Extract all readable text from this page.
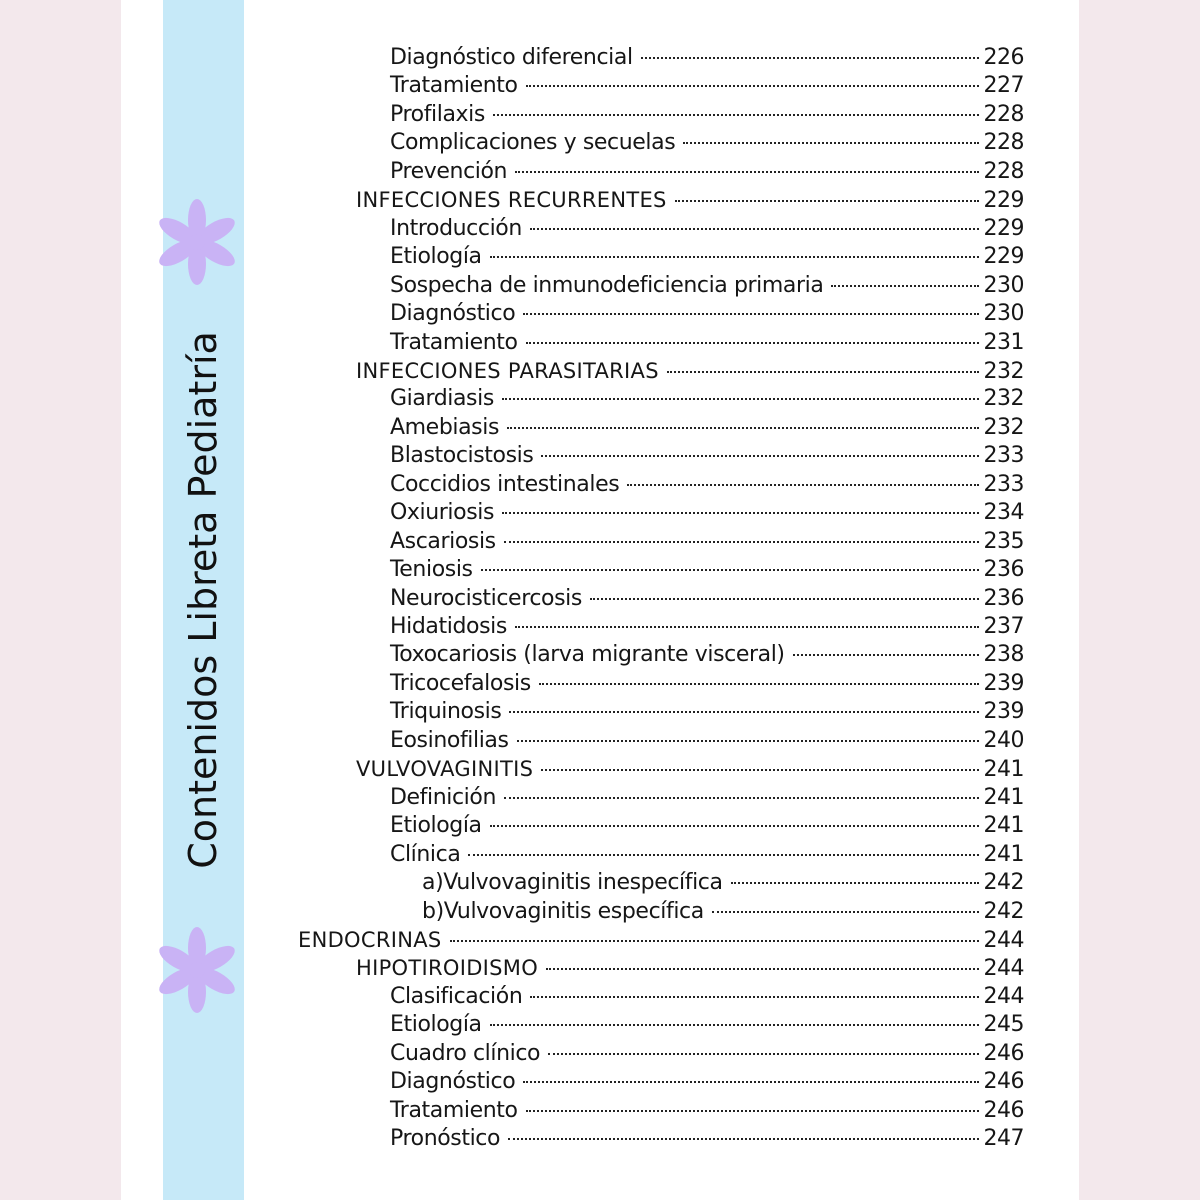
Contenidos Libreta Pediatría
Diagnóstico diferencial	226
Tratamiento	227
Profilaxis	228
Complicaciones y secuelas	228
Prevención	228
INFECCIONES RECURRENTES	229
Introducción	229
Etiología	229
Sospecha de inmunodeficiencia primaria	230
Diagnóstico	230
Tratamiento	231
INFECCIONES PARASITARIAS	232
Giardiasis	232
Amebiasis	232
Blastocistosis	233
Coccidios intestinales	233
Oxiuriosis	234
Ascariosis	235
Teniosis	236
Neurocisticercosis	236
Hidatidosis	237
Toxocariosis (larva migrante visceral)	238
Tricocefalosis	239
Triquinosis	239
Eosinofilias	240
VULVOVAGINITIS	241
Definición	241
Etiología	241
Clínica	241
a)Vulvovaginitis inespecífica	242
b)Vulvovaginitis específica	242
ENDOCRINAS	244
HIPOTIROIDISMO	244
Clasificación	244
Etiología	245
Cuadro clínico	246
Diagnóstico	246
Tratamiento	246
Pronóstico	247
